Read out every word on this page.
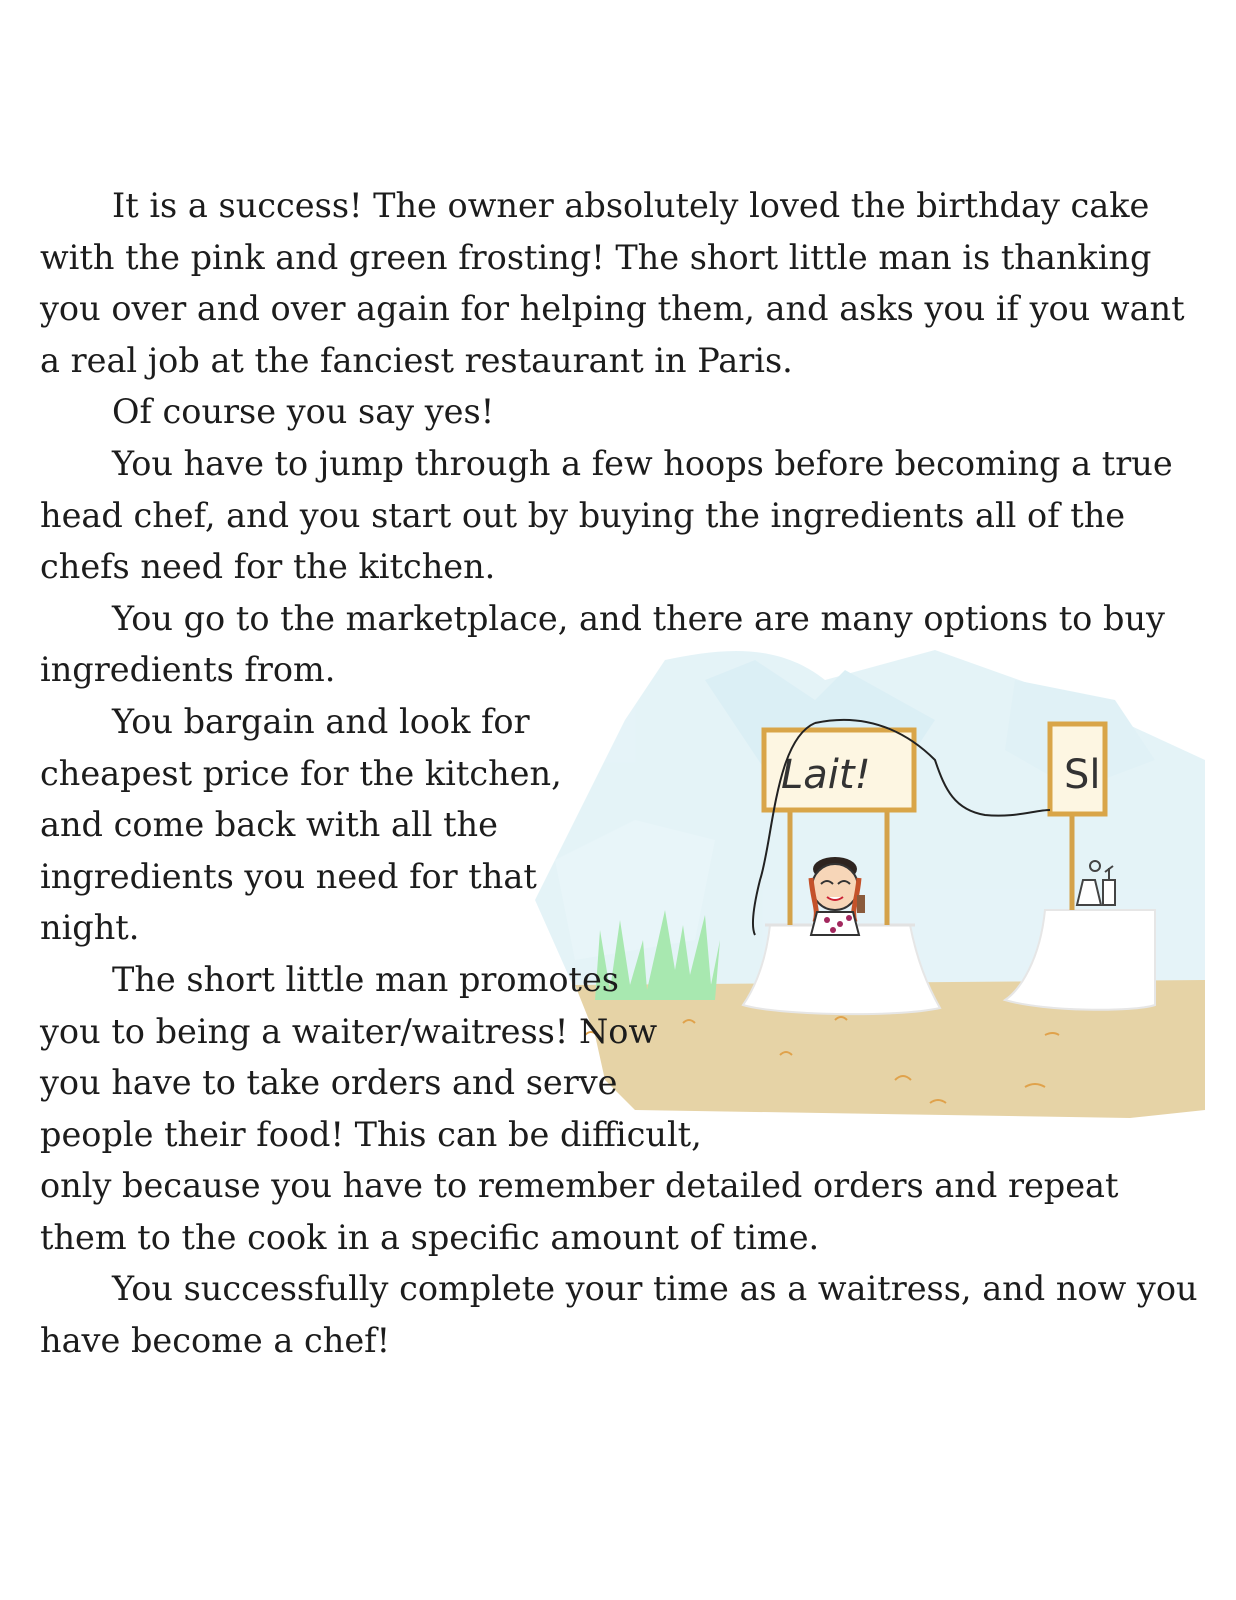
Lait!	Sl
It is a success! The owner absolutely loved the birthday cake
with the pink and green frosting! The short little man is thanking
you over and over again for helping them, and asks you if you want
a real job at the fanciest restaurant in Paris.
Of course you say yes!
You have to jump through a few hoops before becoming a true
head chef, and you start out by buying the ingredients all of the
chefs need for the kitchen.
You go to the marketplace, and there are many options to buy
ingredients from.
You bargain and look for
cheapest price for the kitchen,
and come back with all the
ingredients you need for that
night.
The short little man promotes
you to being a waiter/waitress! Now
you have to take orders and serve
people their food! This can be difficult,
only because you have to remember detailed orders and repeat
them to the cook in a specific amount of time.
You successfully complete your time as a waitress, and now you
have become a chef!
